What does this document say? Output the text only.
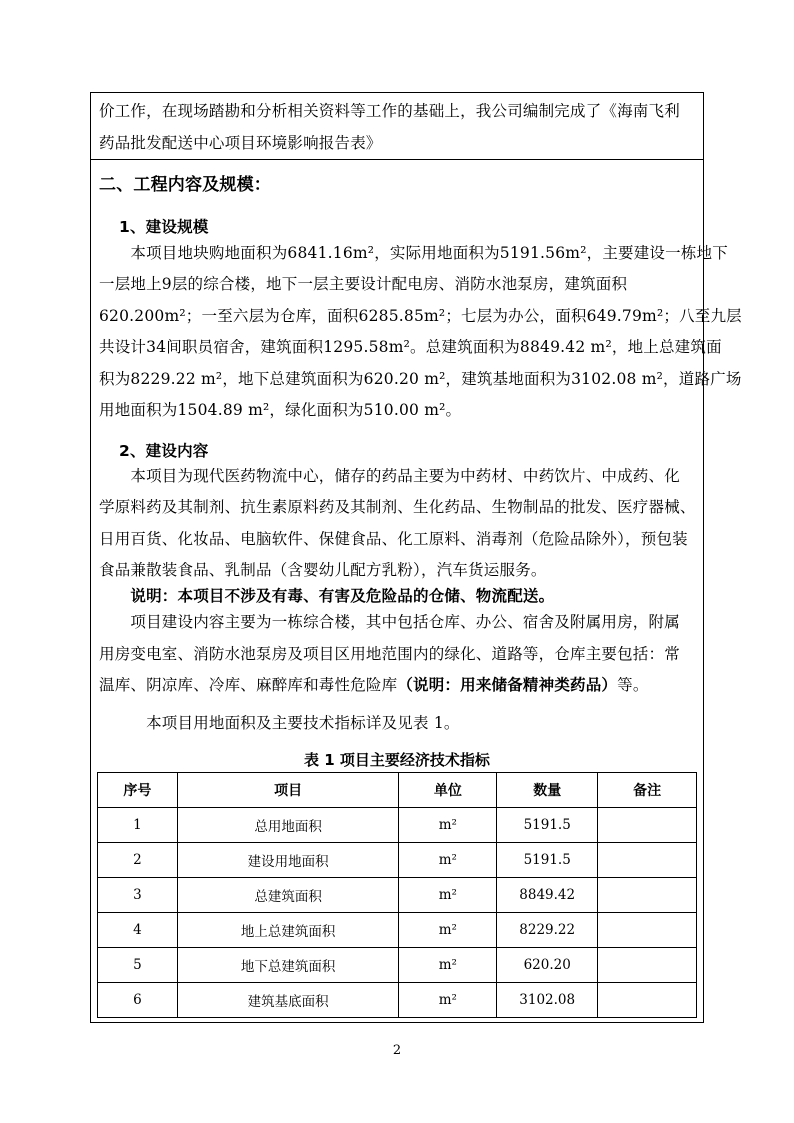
价工作，在现场踏勘和分析相关资料等工作的基础上，我公司编制完成了《海南飞利
药品批发配送中心项目环境影响报告表》
二、工程内容及规模：
1、建设规模
　　本项目地块购地面积为6841.16m²，实际用地面积为5191.56m²，主要建设一栋地下
一层地上9层的综合楼，地下一层主要设计配电房、消防水池泵房，建筑面积
620.200m²；一至六层为仓库，面积6285.85m²；七层为办公，面积649.79m²；八至九层
共设计34间职员宿舍，建筑面积1295.58m²。总建筑面积为8849.42 m²，地上总建筑面
积为8229.22 m²，地下总建筑面积为620.20 m²，建筑基地面积为3102.08 m²，道路广场
用地面积为1504.89 m²，绿化面积为510.00 m²。
2、建设内容
　　本项目为现代医药物流中心，储存的药品主要为中药材、中药饮片、中成药、化
学原料药及其制剂、抗生素原料药及其制剂、生化药品、生物制品的批发、医疗器械、
日用百货、化妆品、电脑软件、保健食品、化工原料、消毒剂（危险品除外），预包装
食品兼散装食品、乳制品（含婴幼儿配方乳粉），汽车货运服务。
　　说明：本项目不涉及有毒、有害及危险品的仓储、物流配送。
　　项目建设内容主要为一栋综合楼，其中包括仓库、办公、宿舍及附属用房，附属
用房变电室、消防水池泵房及项目区用地范围内的绿化、道路等，仓库主要包括：常
温库、阴凉库、冷库、麻醉库和毒性危险库（说明：用来储备精神类药品）等。
　　　本项目用地面积及主要技术指标详及见表 1。
表 1 项目主要经济技术指标
序号	项目	单位	数量	备注
1	总用地面积	m²	5191.5	
2	建设用地面积	m²	5191.5	
3	总建筑面积	m²	8849.42	
4	地上总建筑面积	m²	8229.22	
5	地下总建筑面积	m²	620.20	
6	建筑基底面积	m²	3102.08	
2
